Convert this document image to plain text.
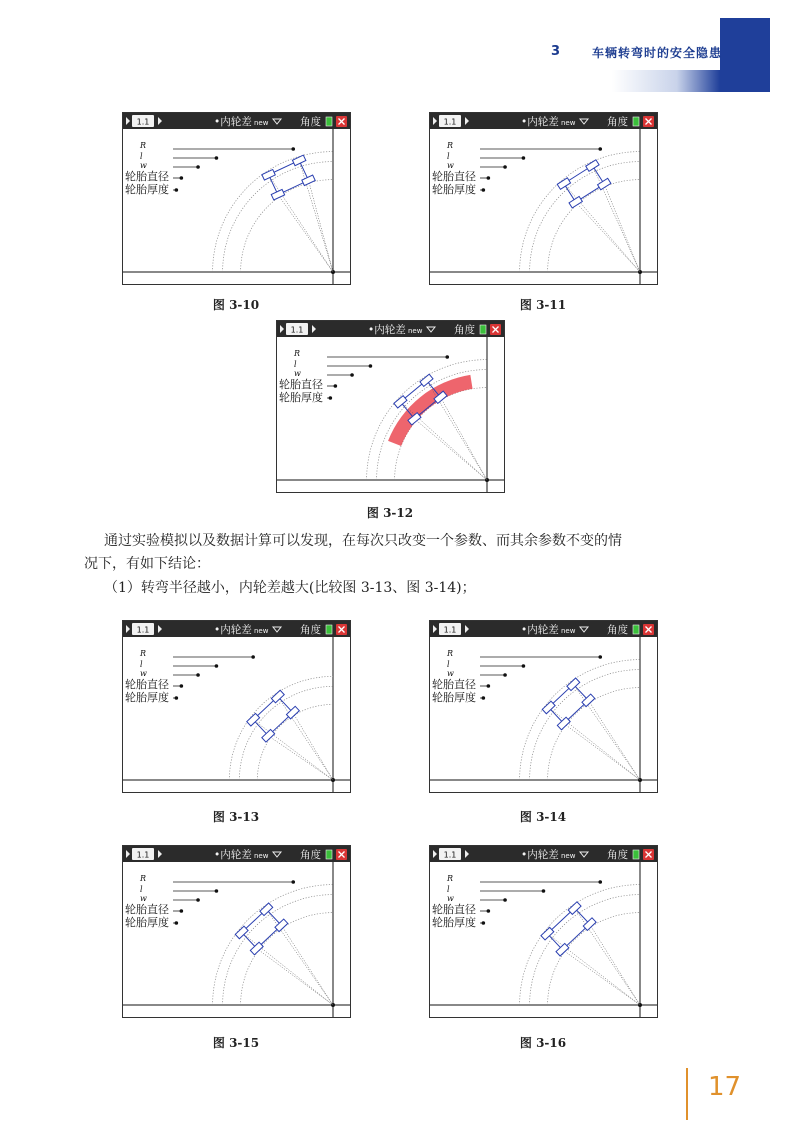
3	车辆转弯时的安全隐患
1.1	•内轮差 new	角度
R
l
w
轮胎直径
轮胎厚度
图 3-10
1.1	•内轮差 new	角度
R
l
w
轮胎直径
轮胎厚度
图 3-11
1.1	•内轮差 new	角度
R
l
w
轮胎直径
轮胎厚度
图 3-12
通过实验模拟以及数据计算可以发现，在每次只改变一个参数、而其余参数不变的情
况下，有如下结论：
（1）转弯半径越小，内轮差越大(比较图 3-13、图 3-14)；
1.1	•内轮差 new	角度
R
l
w
轮胎直径
轮胎厚度
图 3-13
1.1	•内轮差 new	角度
R
l
w
轮胎直径
轮胎厚度
图 3-14
1.1	•内轮差 new	角度
R
l
w
轮胎直径
轮胎厚度
图 3-15
1.1	•内轮差 new	角度
R
l
w
轮胎直径
轮胎厚度
图 3-16
17
